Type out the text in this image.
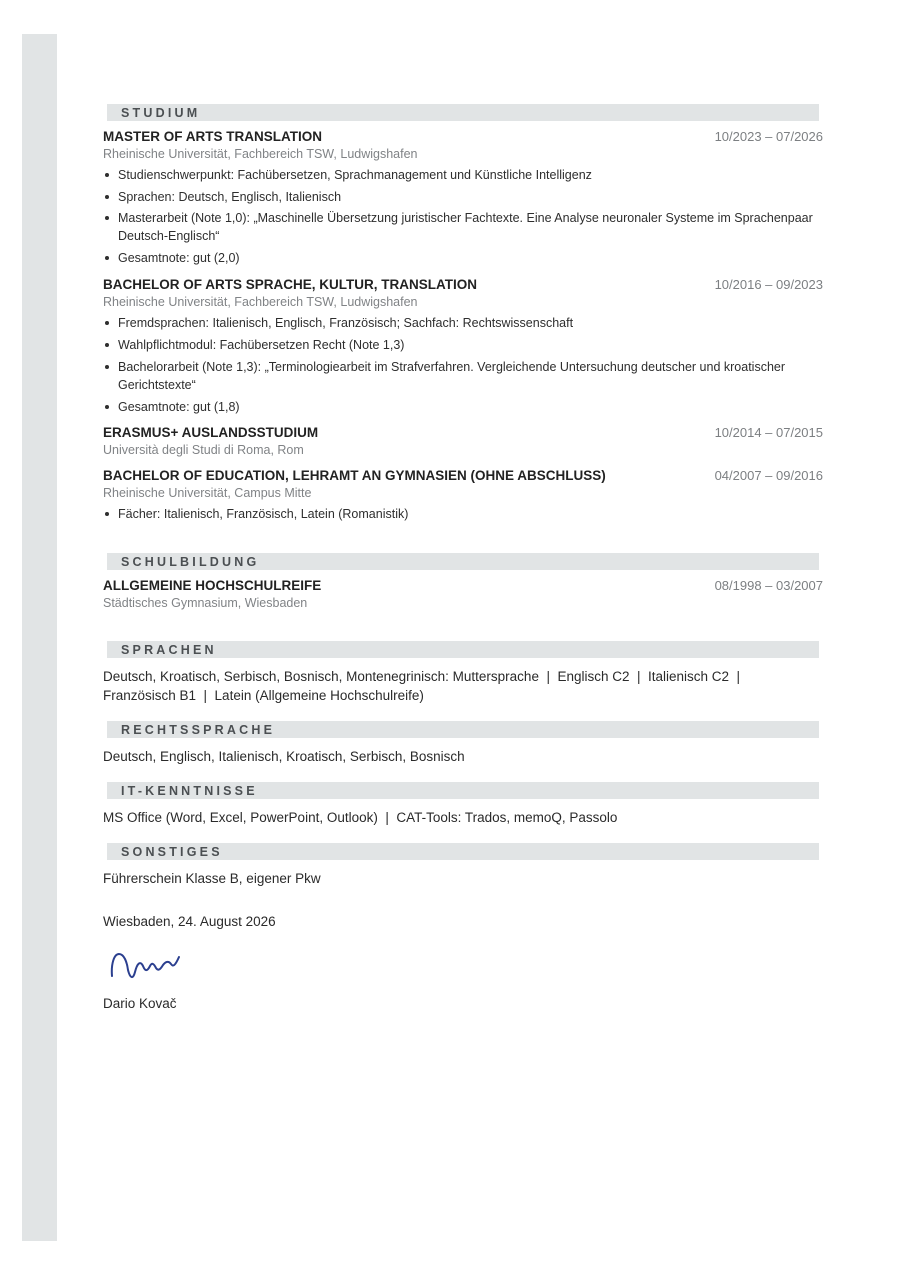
STUDIUM
MASTER OF ARTS TRANSLATION	10/2023 – 07/2026
Rheinische Universität, Fachbereich TSW, Ludwigshafen
Studienschwerpunkt: Fachübersetzen, Sprachmanagement und Künstliche Intelligenz
Sprachen: Deutsch, Englisch, Italienisch
Masterarbeit (Note 1,0): „Maschinelle Übersetzung juristischer Fachtexte. Eine Analyse neuronaler Systeme im Sprachenpaar Deutsch-Englisch“
Gesamtnote: gut (2,0)
BACHELOR OF ARTS SPRACHE, KULTUR, TRANSLATION	10/2016 – 09/2023
Rheinische Universität, Fachbereich TSW, Ludwigshafen
Fremdsprachen: Italienisch, Englisch, Französisch; Sachfach: Rechtswissenschaft
Wahlpflichtmodul: Fachübersetzen Recht (Note 1,3)
Bachelorarbeit (Note 1,3): „Terminologiearbeit im Strafverfahren. Vergleichende Untersuchung deutscher und kroatischer Gerichtstexte“
Gesamtnote: gut (1,8)
ERASMUS+ AUSLANDSSTUDIUM	10/2014 – 07/2015
Università degli Studi di Roma, Rom
BACHELOR OF EDUCATION, LEHRAMT AN GYMNASIEN (OHNE ABSCHLUSS)	04/2007 – 09/2016
Rheinische Universität, Campus Mitte
Fächer: Italienisch, Französisch, Latein (Romanistik)
SCHULBILDUNG
ALLGEMEINE HOCHSCHULREIFE	08/1998 – 03/2007
Städtisches Gymnasium, Wiesbaden
SPRACHEN
Deutsch, Kroatisch, Serbisch, Bosnisch, Montenegrinisch: Muttersprache  |  Englisch C2  |  Italienisch C2  |  Französisch B1  |  Latein (Allgemeine Hochschulreife)
RECHTSSPRACHE
Deutsch, Englisch, Italienisch, Kroatisch, Serbisch, Bosnisch
IT-KENNTNISSE
MS Office (Word, Excel, PowerPoint, Outlook)  |  CAT-Tools: Trados, memoQ, Passolo
SONSTIGES
Führerschein Klasse B, eigener Pkw
Wiesbaden, 24. August 2026
Dario Kovač
